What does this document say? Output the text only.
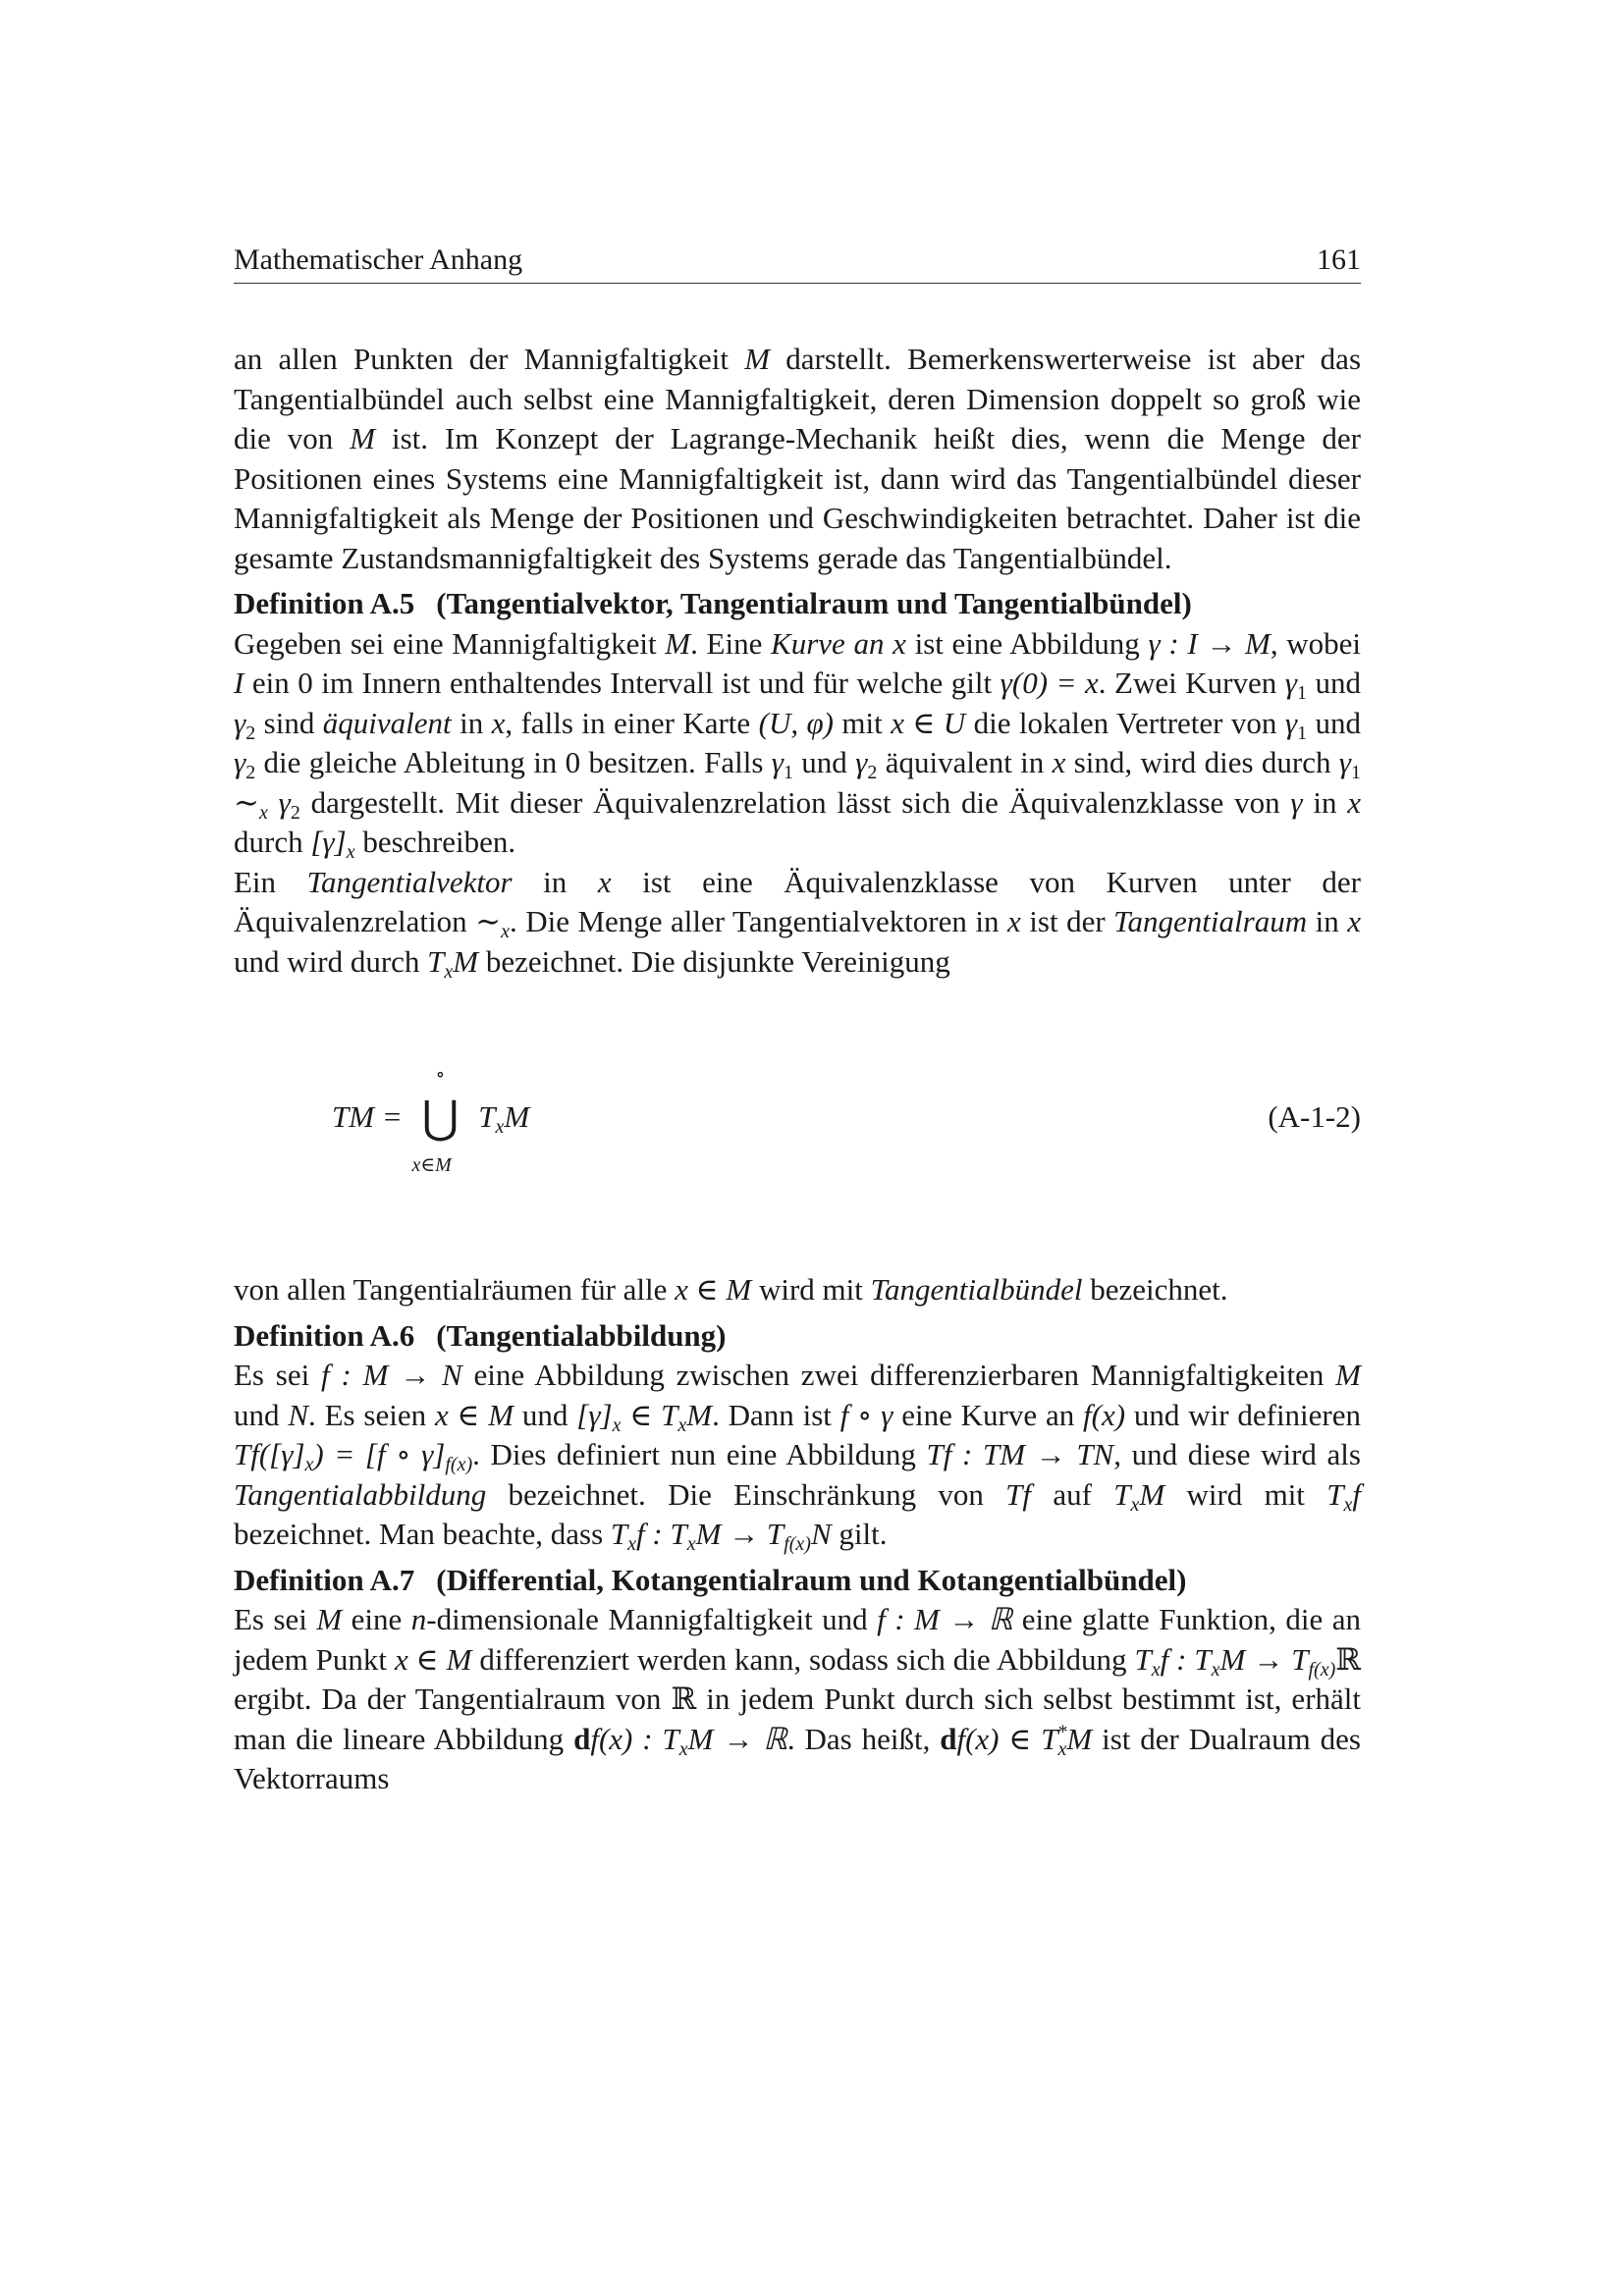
Mathematischer Anhang	161

an allen Punkten der Mannigfaltigkeit M darstellt. Bemerkenswerterweise ist aber das Tangentialbündel auch selbst eine Mannigfaltigkeit, deren Dimension doppelt so groß wie die von M ist. Im Konzept der Lagrange-Mechanik heißt dies, wenn die Menge der Positionen eines Systems eine Mannigfaltigkeit ist, dann wird das Tangentialbündel dieser Mannigfaltigkeit als Menge der Positionen und Geschwindigkeiten betrachtet. Daher ist die gesamte Zustandsmannigfaltigkeit des Systems gerade das Tangentialbündel.

Definition A.5 (Tangentialvektor, Tangentialraum und Tangentialbündel)

Gegeben sei eine Mannigfaltigkeit M. Eine Kurve an x ist eine Abbildung γ : I → M, wobei I ein 0 im Innern enthaltendes Intervall ist und für welche gilt γ(0) = x. Zwei Kurven $\gamma_1$ und $\gamma_2$ sind äquivalent in x, falls in einer Karte (U, φ) mit x ∈ U die lokalen Vertreter von $\gamma_1$ und $\gamma_2$ die gleiche Ableitung in 0 besitzen. Falls $\gamma_1$ und $\gamma_2$ äquivalent in x sind, wird dies durch $\gamma_1$ $\sim_x$ $\gamma_2$ dargestellt. Mit dieser Äquivalenzrelation lässt sich die Äquivalenzklasse von γ in x durch $[\gamma]_x$ beschreiben.

Ein Tangentialvektor in x ist eine Äquivalenzklasse von Kurven unter der Äquivalenzrelation $\sim_x$. Die Menge aller Tangentialvektoren in x ist der Tangentialraum in x und wird durch $T_xM$ bezeichnet. Die disjunkte Vereinigung

TM = ⋃
∘
x∈M
$T_xM$	(A-1-2)

von allen Tangentialräumen für alle x ∈ M wird mit Tangentialbündel bezeichnet.

Definition A.6 (Tangentialabbildung)

Es sei f : M → N eine Abbildung zwischen zwei differenzierbaren Mannigfaltigkeiten M und N. Es seien x ∈ M und $[\gamma]_x$ ∈ $T_xM$. Dann ist f ∘ γ eine Kurve an f(x) und wir definieren $Tf([\gamma]_x) = [f$ ∘ $\gamma]_{f(x)}$. Dies definiert nun eine Abbildung Tf : TM → TN, und diese wird als Tangentialabbildung bezeichnet. Die Einschränkung von Tf auf $T_xM$ wird mit $T_xf$ bezeichnet. Man beachte, dass $T_xf$ : $T_xM \to T_{f(x)}N$ gilt.

Definition A.7 (Differential, Kotangentialraum und Kotangentialbündel)

Es sei M eine n-dimensionale Mannigfaltigkeit und f : M → ℝ eine glatte Funktion, die an jedem Punkt x ∈ M differenziert werden kann, sodass sich die Abbildung $T_xf$ : $T_xM$ → $T_{f(x)}ℝ$ ergibt. Da der Tangentialraum von ℝ in jedem Punkt durch sich selbst bestimmt ist, erhält man die lineare Abbildung df(x) : $T_xM$ → ℝ. Das heißt, df(x) ∈ $T^*_xM$ ist der Dualraum des Vektorraums
